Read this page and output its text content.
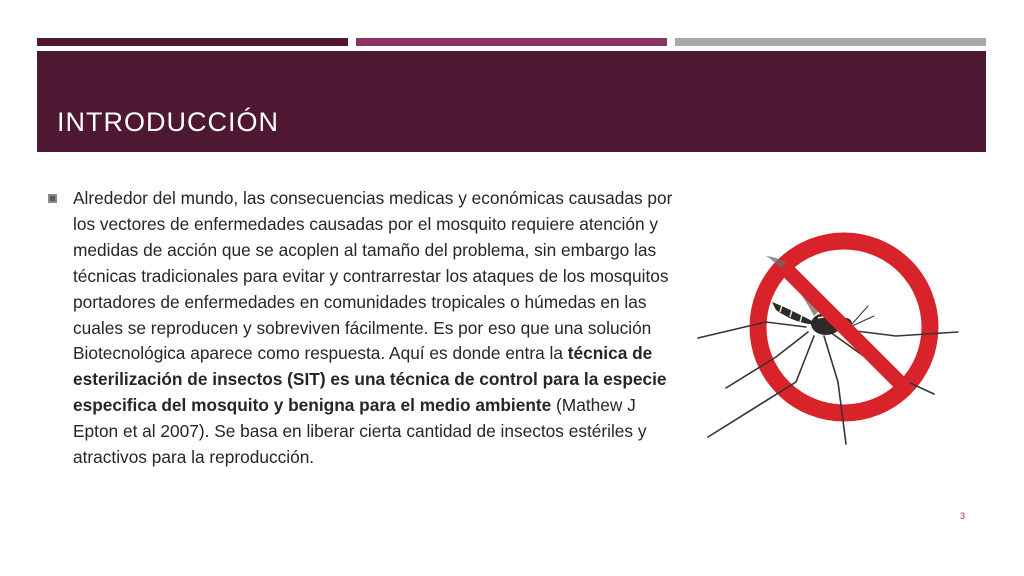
INTRODUCCIÓN
Alrededor del mundo, las consecuencias medicas y económicas causadas por los vectores de enfermedades causadas por el mosquito requiere atención y medidas de acción que se acoplen al tamaño del problema, sin embargo las técnicas tradicionales para evitar y contrarrestar los ataques de los mosquitos portadores de enfermedades en comunidades tropicales o húmedas en las cuales se reproducen y sobreviven fácilmente. Es por eso que una solución Biotecnológica aparece como respuesta. Aquí es donde entra la técnica de esterilización de insectos (SIT) es una técnica de control para la especie especifica del mosquito y benigna para el medio ambiente (Mathew J Epton et al 2007). Se basa en liberar cierta cantidad de insectos estériles y atractivos para la reproducción.
3
